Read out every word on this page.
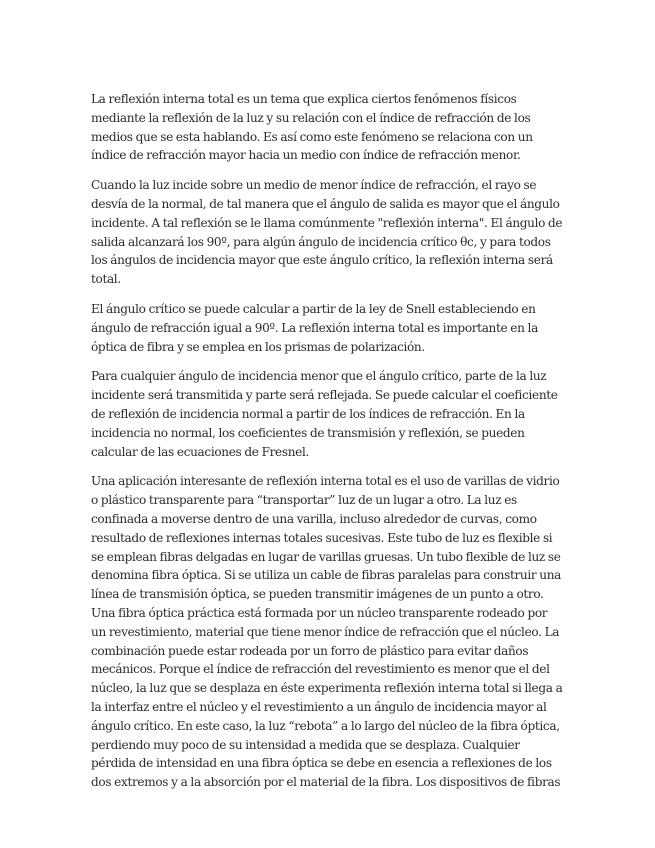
La reflexión interna total es un tema que explica ciertos fenómenos físicos mediante la reflexión de la luz y su relación con el índice de refracción de los medios que se esta hablando. Es así como este fenómeno se relaciona con un índice de refracción mayor hacia un medio con índice de refracción menor.

Cuando la luz incide sobre un medio de menor índice de refracción, el rayo se desvía de la normal, de tal manera que el ángulo de salida es mayor que el ángulo incidente. A tal reflexión se le llama comúnmente "reflexión interna". El ángulo de salida alcanzará los 90º, para algún ángulo de incidencia crítico θc, y para todos los ángulos de incidencia mayor que este ángulo crítico, la reflexión interna será total.

El ángulo crítico se puede calcular a partir de la ley de Snell estableciendo en ángulo de refracción igual a 90º. La reflexión interna total es importante en la óptica de fibra y se emplea en los prismas de polarización.

Para cualquier ángulo de incidencia menor que el ángulo crítico, parte de la luz incidente será transmitida y parte será reflejada. Se puede calcular el coeficiente de reflexión de incidencia normal a partir de los índices de refracción. En la incidencia no normal, los coeficientes de transmisión y reflexión, se pueden calcular de las ecuaciones de Fresnel.

Una aplicación interesante de reflexión interna total es el uso de varillas de vidrio o plástico transparente para “transportar” luz de un lugar a otro. La luz es confinada a moverse dentro de una varilla, incluso alrededor de curvas, como resultado de reflexiones internas totales sucesivas. Este tubo de luz es flexible si se emplean fibras delgadas en lugar de varillas gruesas. Un tubo flexible de luz se denomina fibra óptica. Si se utiliza un cable de fibras paralelas para construir una línea de transmisión óptica, se pueden transmitir imágenes de un punto a otro. Una fibra óptica práctica está formada por un núcleo transparente rodeado por un revestimiento, material que tiene menor índice de refracción que el núcleo. La combinación puede estar rodeada por un forro de plástico para evitar daños mecánicos. Porque el índice de refracción del revestimiento es menor que el del núcleo, la luz que se desplaza en éste experimenta reflexión interna total si llega a la interfaz entre el núcleo y el revestimiento a un ángulo de incidencia mayor al ángulo crítico. En este caso, la luz “rebota” a lo largo del núcleo de la fibra óptica, perdiendo muy poco de su intensidad a medida que se desplaza. Cualquier pérdida de intensidad en una fibra óptica se debe en esencia a reflexiones de los dos extremos y a la absorción por el material de la fibra. Los dispositivos de fibras
